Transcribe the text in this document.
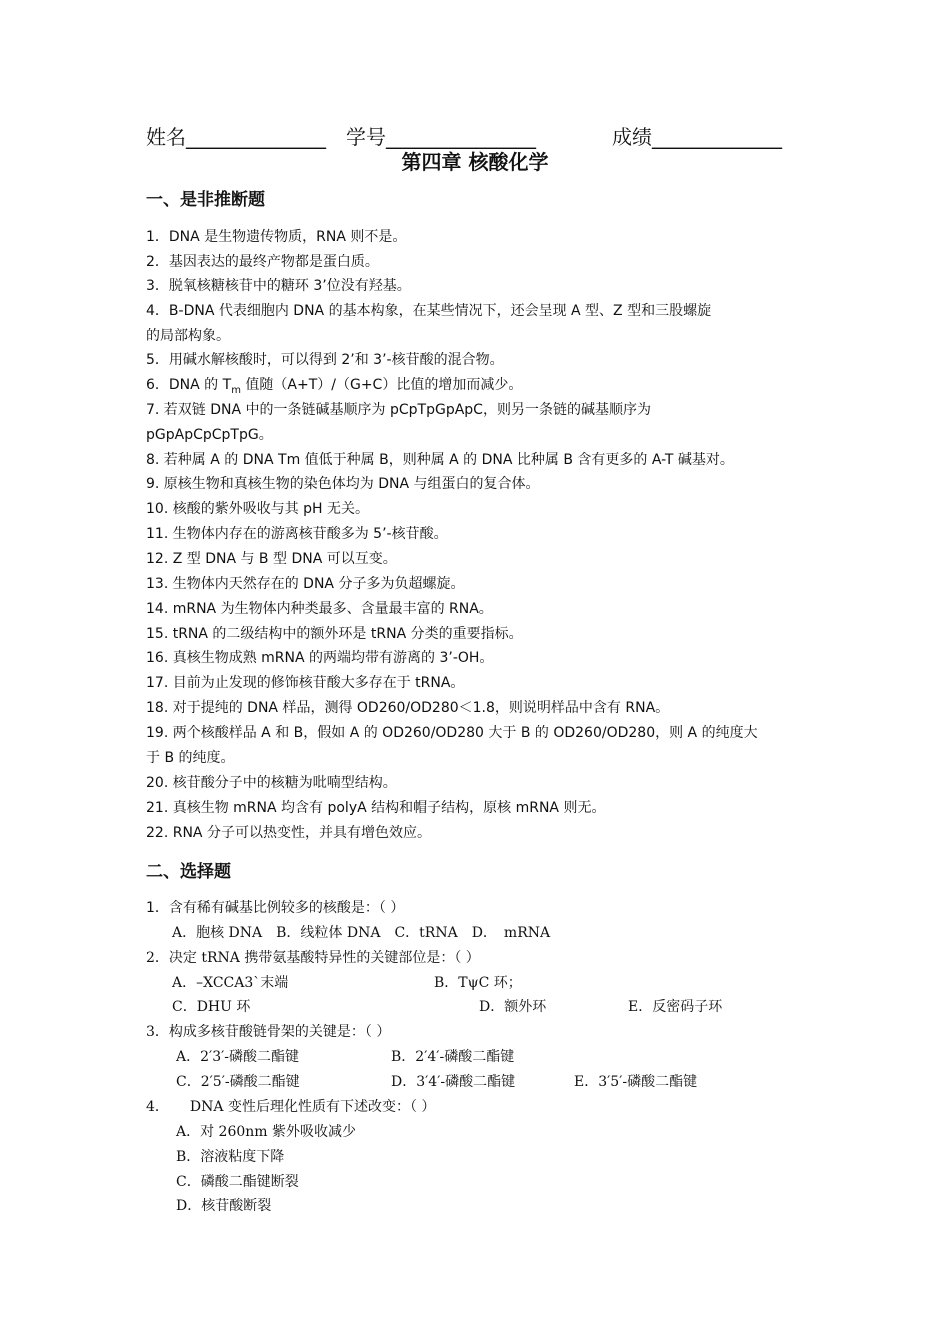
姓名______________ 学号_______________	成绩_____________
第四章 核酸化学
一、是非推断题
1．DNA 是生物遗传物质，RNA 则不是。
2．基因表达的最终产物都是蛋白质。
3．脱氧核糖核苷中的糖环 3’位没有羟基。
4．B-DNA 代表细胞内 DNA 的基本构象，在某些情况下，还会呈现 A 型、Z 型和三股螺旋
的局部构象。
5．用碱水解核酸时，可以得到 2’和 3’-核苷酸的混合物。
6．DNA 的 $T_m$ 值随（A+T）/（G+C）比值的增加而减少。
7. 若双链 DNA 中的一条链碱基顺序为 pCpTpGpApC，则另一条链的碱基顺序为
pGpApCpCpTpG。
8. 若种属 A 的 DNA Tm 值低于种属 B，则种属 A 的 DNA 比种属 B 含有更多的 A-T 碱基对。
9. 原核生物和真核生物的染色体均为 DNA 与组蛋白的复合体。
10. 核酸的紫外吸收与其 pH 无关。
11. 生物体内存在的游离核苷酸多为 5’-核苷酸。
12. Z 型 DNA 与 B 型 DNA 可以互变。
13. 生物体内天然存在的 DNA 分子多为负超螺旋。
14. mRNA 为生物体内种类最多、含量最丰富的 RNA。
15. tRNA 的二级结构中的额外环是 tRNA 分类的重要指标。
16. 真核生物成熟 mRNA 的两端均带有游离的 3’-OH。
17. 目前为止发现的修饰核苷酸大多存在于 tRNA。
18. 对于提纯的 DNA 样品，测得 OD260/OD280＜1.8，则说明样品中含有 RNA。
19. 两个核酸样品 A 和 B，假如 A 的 OD260/OD280 大于 B 的 OD260/OD280，则 A 的纯度大
于 B 的纯度。
20. 核苷酸分子中的核糖为吡喃型结构。
21. 真核生物 mRNA 均含有 polyA 结构和帽子结构，原核 mRNA 则无。
22. RNA 分子可以热变性，并具有增色效应。
二、选择题
1．含有稀有碱基比例较多的核酸是：（ ）
A．胞核 DNA　B．线粒体 DNA　C．tRNA　D．　mRNA
2．决定 tRNA 携带氨基酸特异性的关键部位是：（ ）
A．–XCCA3`末端	B．TψC 环；
C．DHU 环	D．额外环	E．反密码子环
3．构成多核苷酸链骨架的关键是：（ ）
A．2′3′-磷酸二酯键	B．2′4′-磷酸二酯键
C．2′5′-磷酸二酯键	D．3′4′-磷酸二酯键	E．3′5′-磷酸二酯键
4．　　DNA 变性后理化性质有下述改变：（ ）
A．对 260nm 紫外吸收减少
B．溶液粘度下降
C．磷酸二酯键断裂
D．核苷酸断裂
